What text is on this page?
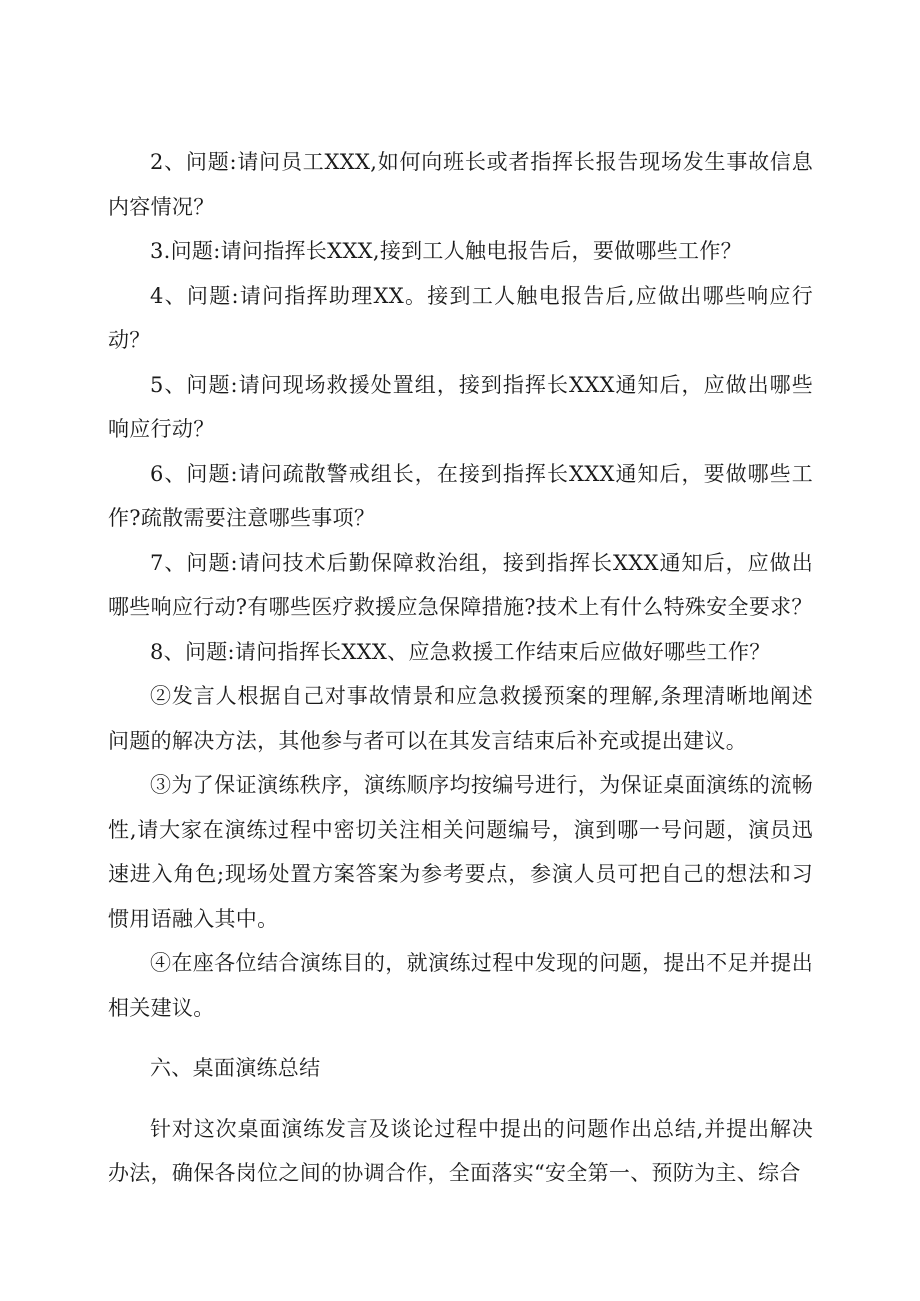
2、问题:请问员工XXX,如何向班长或者指挥长报告现场发生事故信息内容情况？

3.问题:请问指挥长XXX,接到工人触电报告后，要做哪些工作？

4、问题:请问指挥助理XX。接到工人触电报告后,应做出哪些响应行动？

5、问题:请问现场救援处置组，接到指挥长XXX通知后，应做出哪些响应行动？

6、问题:请问疏散警戒组长，在接到指挥长XXX通知后，要做哪些工作?疏散需要注意哪些事项？

7、问题:请问技术后勤保障救治组，接到指挥长XXX通知后，应做出哪些响应行动?有哪些医疗救援应急保障措施?技术上有什么特殊安全要求？

8、问题:请问指挥长XXX、应急救援工作结束后应做好哪些工作？

②发言人根据自己对事故情景和应急救援预案的理解,条理清晰地阐述问题的解决方法，其他参与者可以在其发言结束后补充或提出建议。

③为了保证演练秩序，演练顺序均按编号进行，为保证桌面演练的流畅性,请大家在演练过程中密切关注相关问题编号，演到哪一号问题，演员迅速进入角色;现场处置方案答案为参考要点，参演人员可把自己的想法和习惯用语融入其中。

④在座各位结合演练目的，就演练过程中发现的问题，提出不足并提出相关建议。

六、桌面演练总结

针对这次桌面演练发言及谈论过程中提出的问题作出总结,并提出解决办法，确保各岗位之间的协调合作，全面落实“安全第一、预防为主、综合
